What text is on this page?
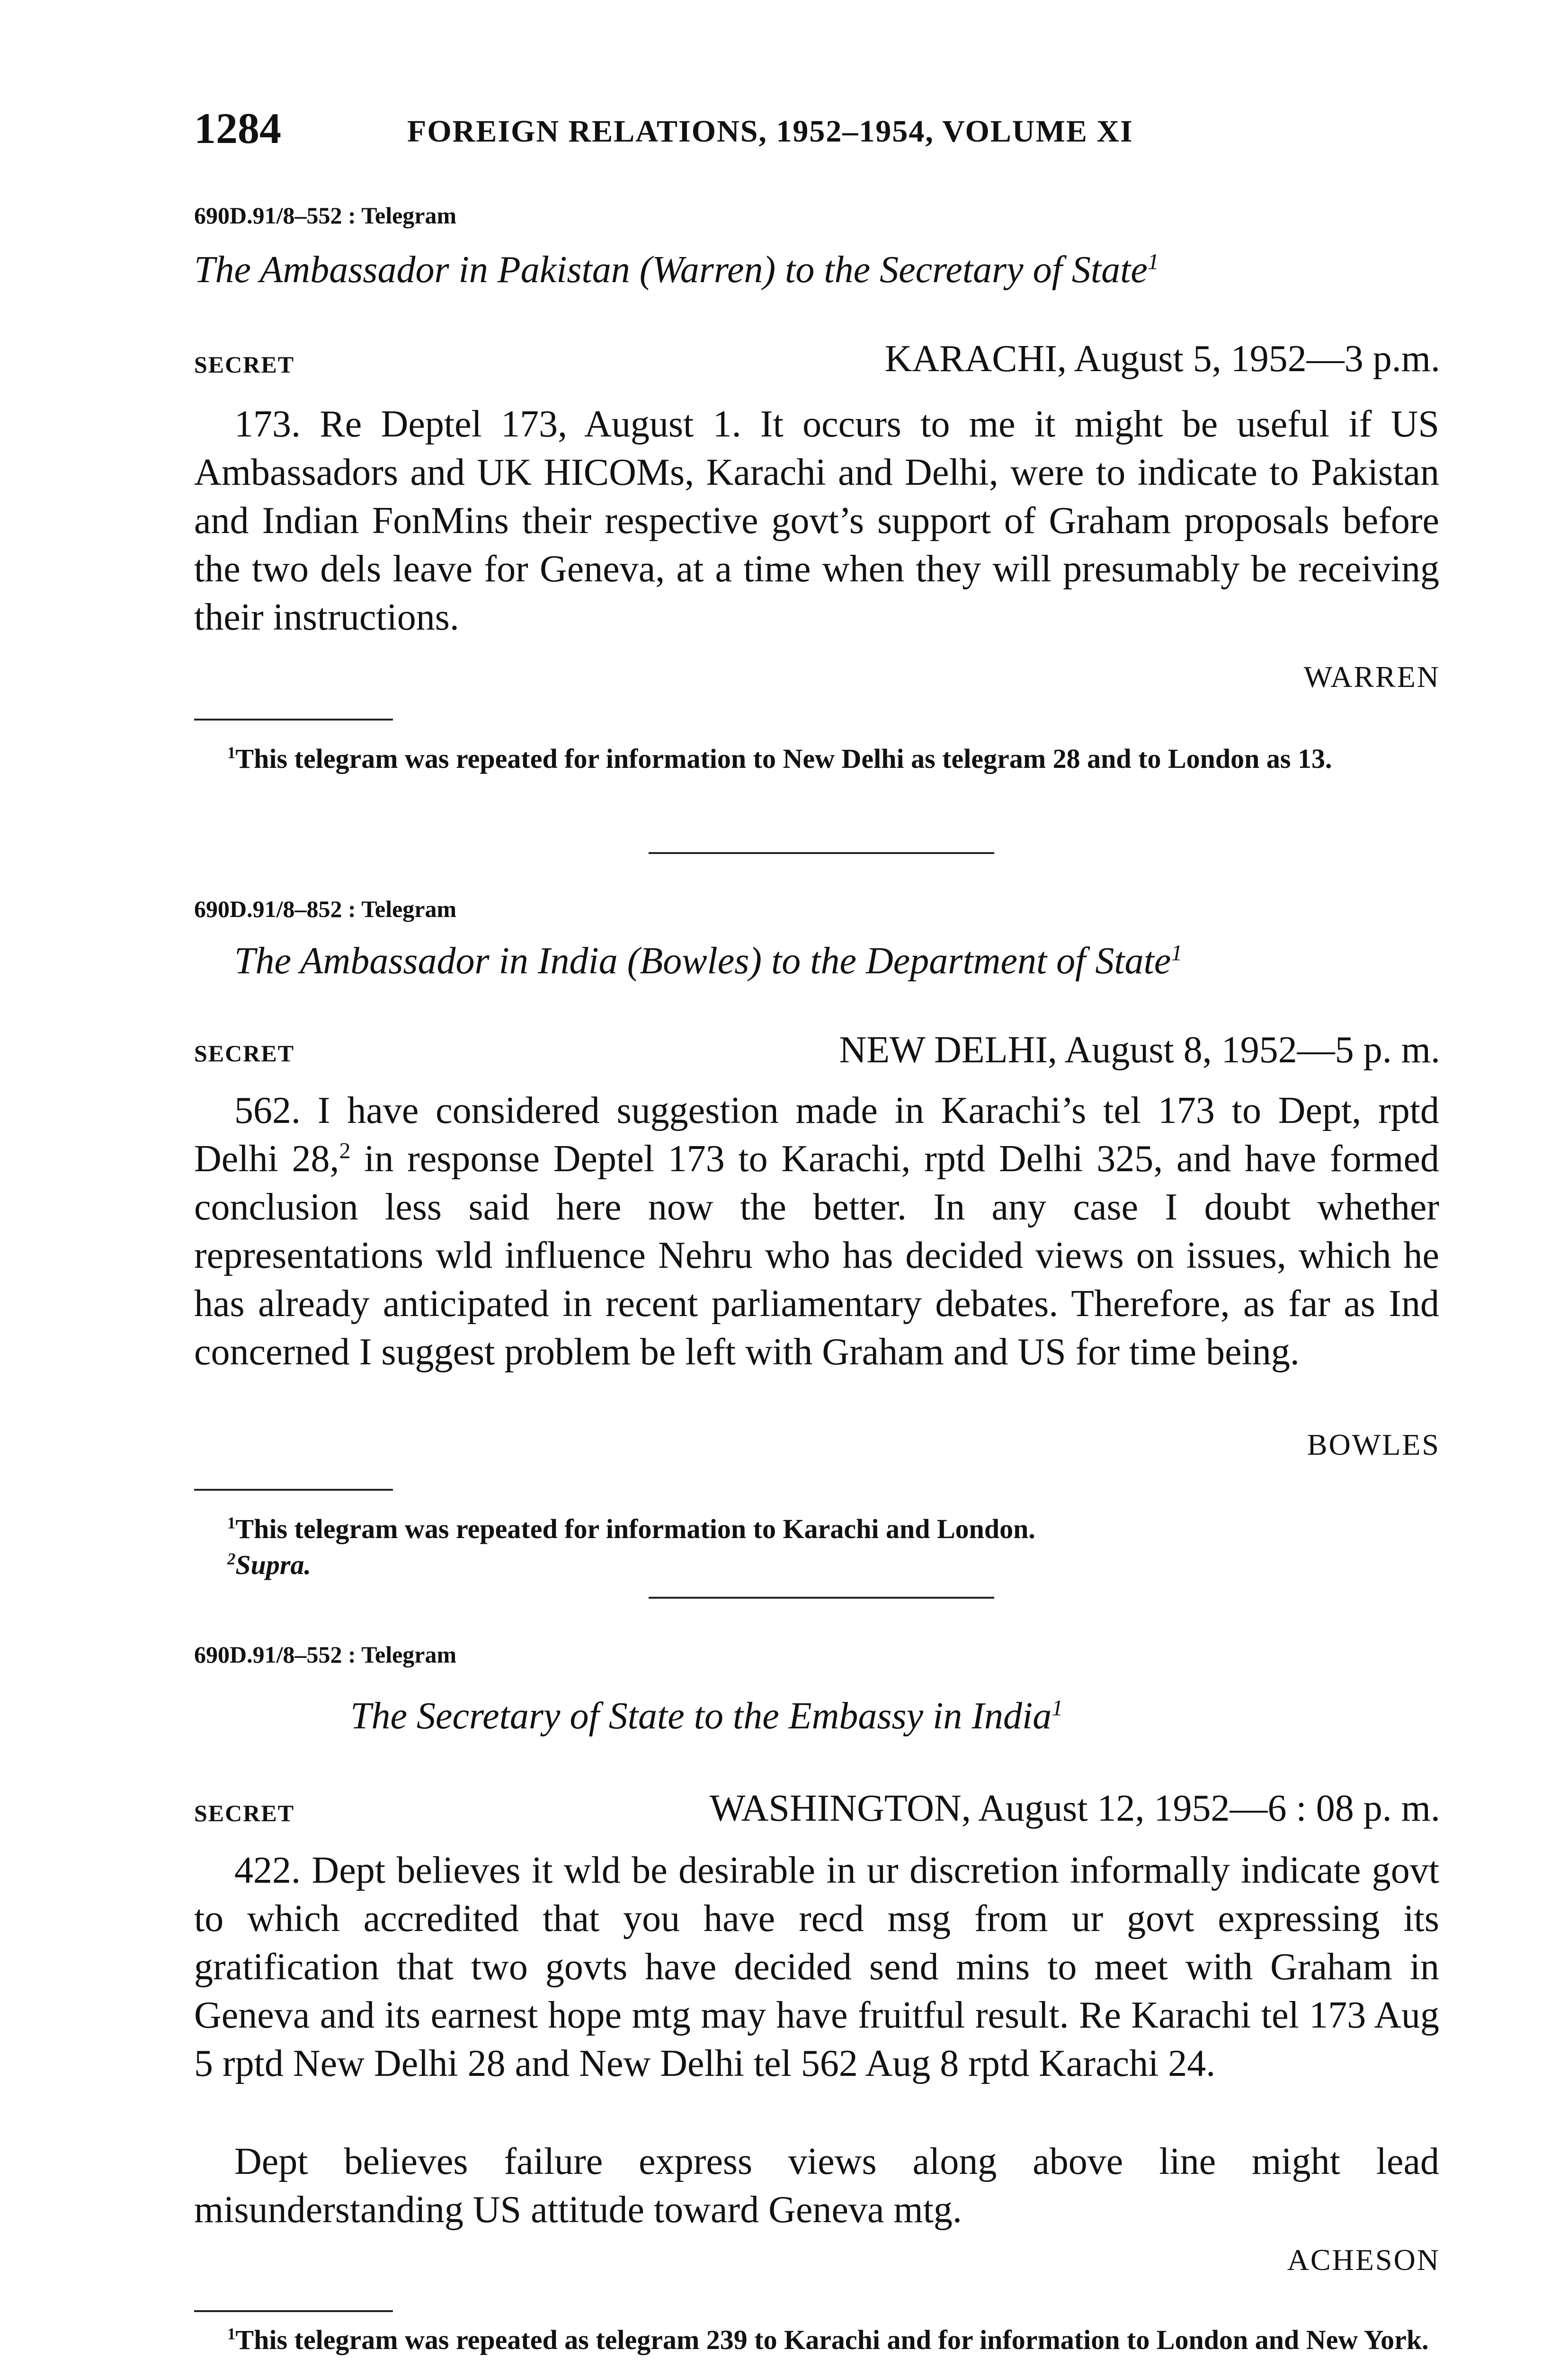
1284	FOREIGN RELATIONS, 1952–1954, VOLUME XI
690D.91/8–552 : Telegram
The Ambassador in Pakistan (Warren) to the Secretary of State$^1$
SECRET	KARACHI, August 5, 1952—3 p.m.

173. Re Deptel 173, August 1. It occurs to me it might be useful if US Ambassadors and UK HICOMs, Karachi and Delhi, were to indicate to Pakistan and Indian FonMins their respective govt’s support of Graham proposals before the two dels leave for Geneva, at a time when they will presumably be receiving their instructions.

WARREN

$^1$This telegram was repeated for information to New Delhi as telegram 28 and to London as 13.

690D.91/8–852 : Telegram
The Ambassador in India (Bowles) to the Department of State$^1$
SECRET	NEW DELHI, August 8, 1952—5 p. m.

562. I have considered suggestion made in Karachi’s tel 173 to Dept, rptd Delhi 28,$^2$ in response Deptel 173 to Karachi, rptd Delhi 325, and have formed conclusion less said here now the better. In any case I doubt whether representations wld influence Nehru who has decided views on issues, which he has already anticipated in recent parliamentary debates. Therefore, as far as Ind concerned I suggest problem be left with Graham and US for time being.

BOWLES

$^1$This telegram was repeated for information to Karachi and London.

$^2$Supra.

690D.91/8–552 : Telegram
The Secretary of State to the Embassy in India$^1$
SECRET	WASHINGTON, August 12, 1952—6 : 08 p. m.

422. Dept believes it wld be desirable in ur discretion informally indicate govt to which accredited that you have recd msg from ur govt expressing its gratification that two govts have decided send mins to meet with Graham in Geneva and its earnest hope mtg may have fruitful result. Re Karachi tel 173 Aug 5 rptd New Delhi 28 and New Delhi tel 562 Aug 8 rptd Karachi 24.

Dept believes failure express views along above line might lead misunderstanding US attitude toward Geneva mtg.

ACHESON

$^1$This telegram was repeated as telegram 239 to Karachi and for information to London and New York.
